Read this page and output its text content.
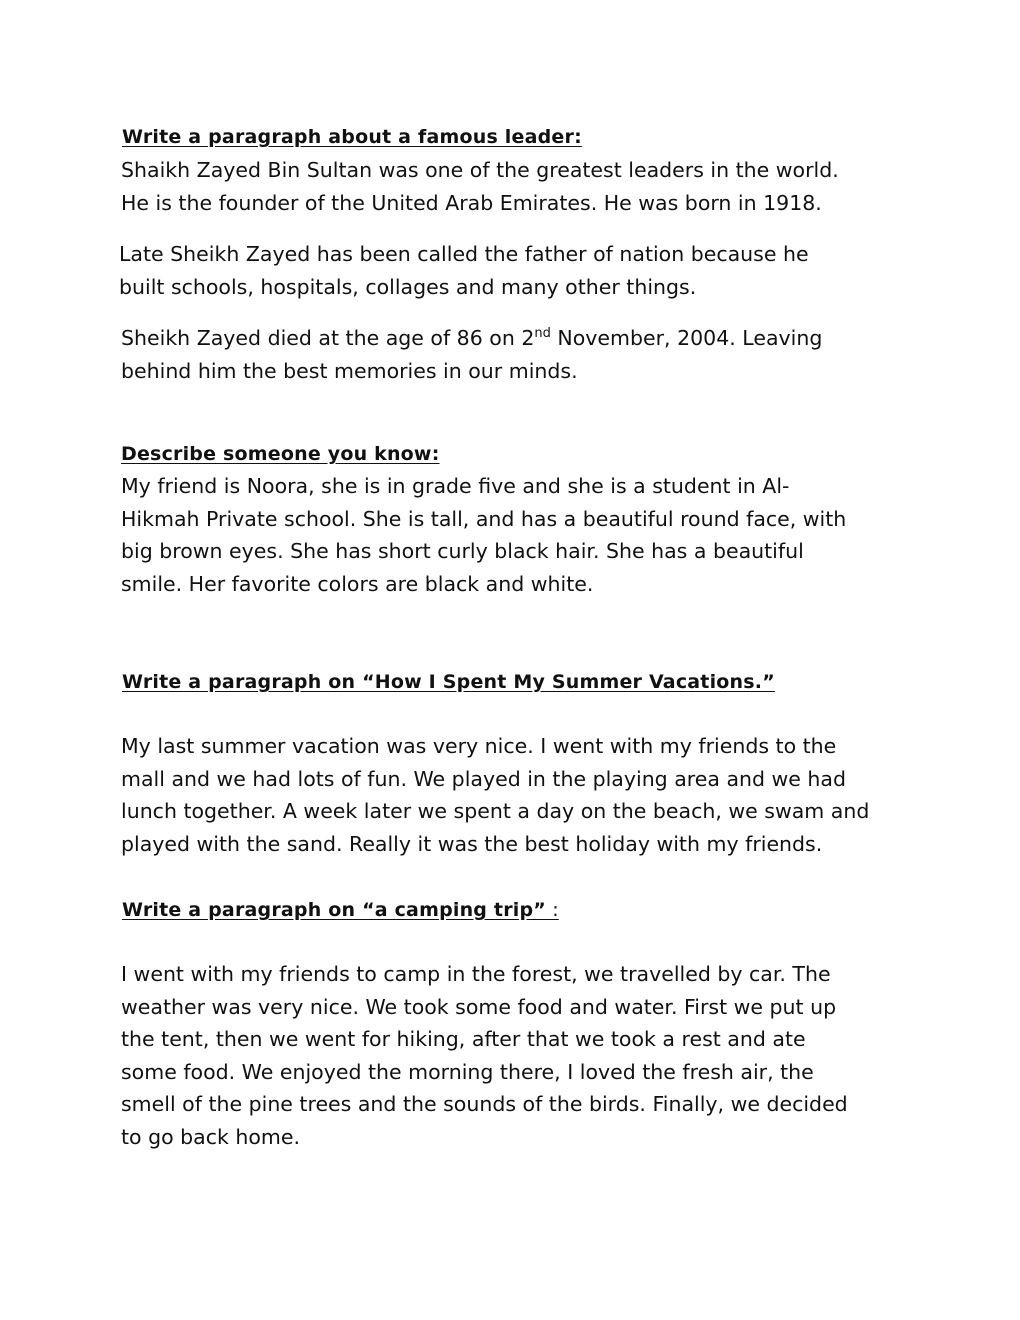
Write a paragraph about a famous leader:
Shaikh Zayed Bin Sultan was one of the greatest leaders in the world.
He is the founder of the United Arab Emirates. He was born in 1918.
Late Sheikh Zayed has been called the father of nation because he
built schools, hospitals, collages and many other things.
Sheikh Zayed died at the age of 86 on 2nd November, 2004. Leaving
behind him the best memories in our minds.
Describe someone you know:
My friend is Noora, she is in grade five and she is a student in Al-
Hikmah Private school. She is tall, and has a beautiful round face, with
big brown eyes. She has short curly black hair. She has a beautiful
smile. Her favorite colors are black and white.
Write a paragraph on “How I Spent My Summer Vacations.”
My last summer vacation was very nice. I went with my friends to the
mall and we had lots of fun. We played in the playing area and we had
lunch together. A week later we spent a day on the beach, we swam and
played with the sand. Really it was the best holiday with my friends.
Write a paragraph on “a camping trip” :
I went with my friends to camp in the forest, we travelled by car. The
weather was very nice. We took some food and water. First we put up
the tent, then we went for hiking, after that we took a rest and ate
some food. We enjoyed the morning there, I loved the fresh air, the
smell of the pine trees and the sounds of the birds. Finally, we decided
to go back home.
